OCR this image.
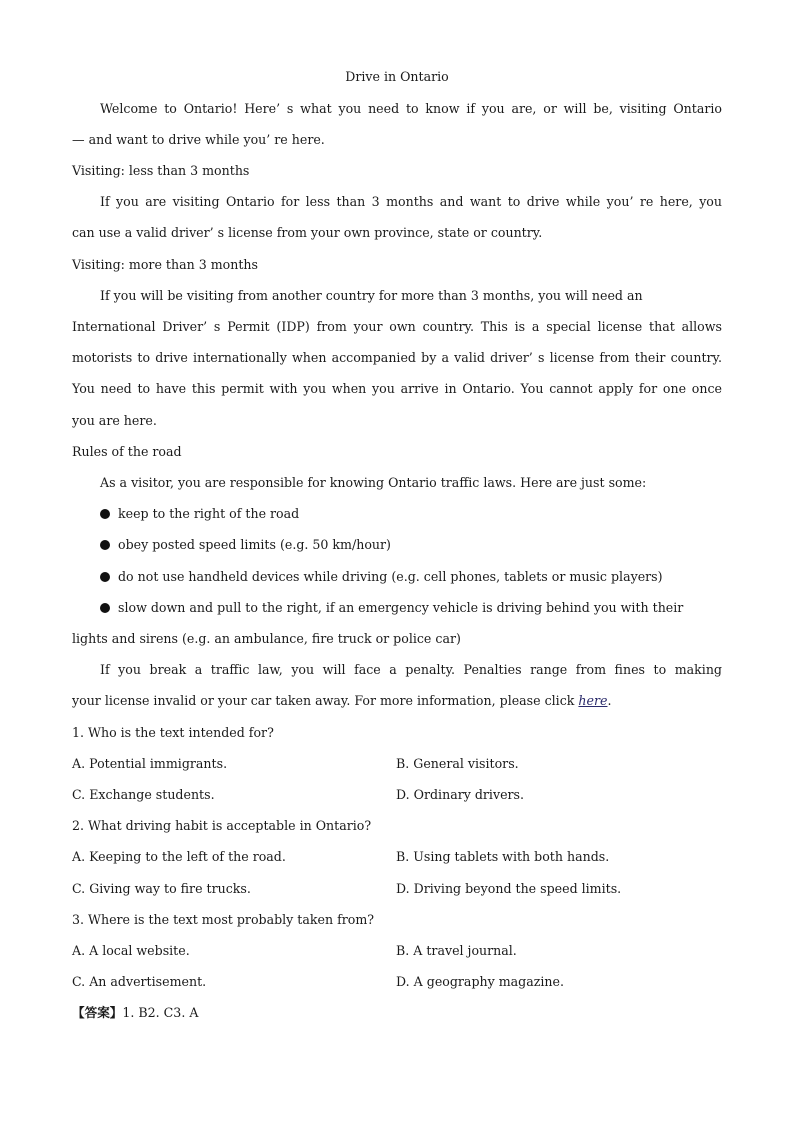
Drive in Ontario
Welcome to Ontario! Here’ s what you need to know if you are, or will be, visiting Ontario
— and want to drive while you’ re here.
Visiting: less than 3 months
If you are visiting Ontario for less than 3 months and want to drive while you’ re here, you
can use a valid driver’ s license from your own province, state or country.
Visiting: more than 3 months
If you will be visiting from another country for more than 3 months, you will need an
International Driver’ s Permit (IDP) from your own country. This is a special license that allows
motorists to drive internationally when accompanied by a valid driver’ s license from their country.
You need to have this permit with you when you arrive in Ontario. You cannot apply for one once
you are here.
Rules of the road
As a visitor, you are responsible for knowing Ontario traffic laws. Here are just some:
keep to the right of the road
obey posted speed limits (e.g. 50 km/hour)
do not use handheld devices while driving (e.g. cell phones, tablets or music players)
slow down and pull to the right, if an emergency vehicle is driving behind you with their
lights and sirens (e.g. an ambulance, fire truck or police car)
If you break a traffic law, you will face a penalty. Penalties range from fines to making
your license invalid or your car taken away. For more information, please click here.
1. Who is the text intended for?
A. Potential immigrants.	B. General visitors.
C. Exchange students.	D. Ordinary drivers.
2. What driving habit is acceptable in Ontario?
A. Keeping to the left of the road.	B. Using tablets with both hands.
C. Giving way to fire trucks.	D. Driving beyond the speed limits.
3. Where is the text most probably taken from?
A. A local website.	B. A travel journal.
C. An advertisement.	D. A geography magazine.
【答案】1. B2. C3. A
